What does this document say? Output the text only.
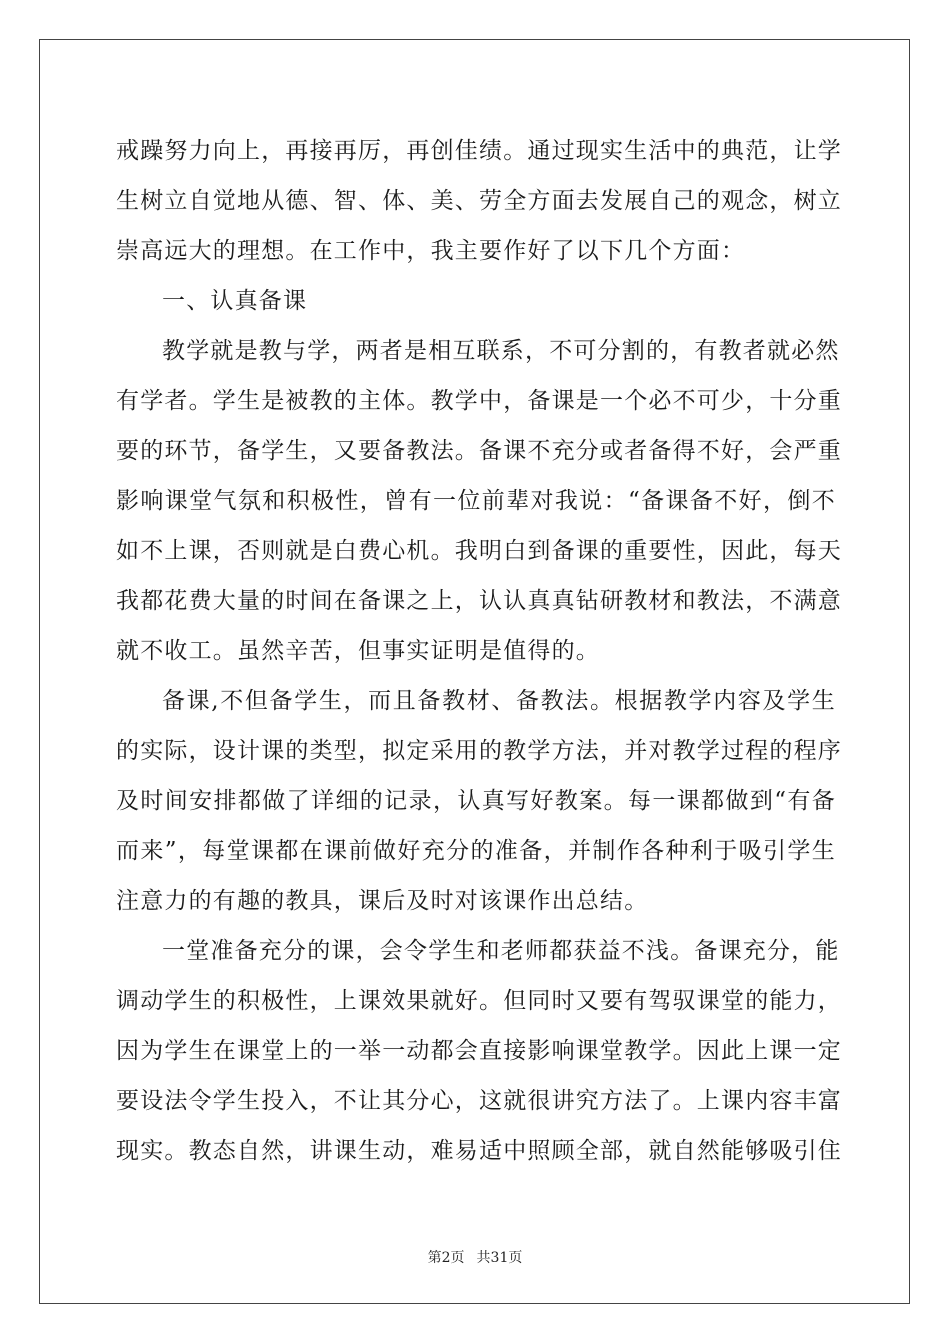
戒躁努力向上，再接再厉，再创佳绩。通过现实生活中的典范，让学
生树立自觉地从德、智、体、美、劳全方面去发展自己的观念，树立
崇高远大的理想。在工作中，我主要作好了以下几个方面：
一、认真备课
教学就是教与学，两者是相互联系，不可分割的，有教者就必然
有学者。学生是被教的主体。教学中，备课是一个必不可少，十分重
要的环节，备学生，又要备教法。备课不充分或者备得不好，会严重
影响课堂气氛和积极性，曾有一位前辈对我说：“备课备不好，倒不
如不上课，否则就是白费心机。我明白到备课的重要性，因此，每天
我都花费大量的时间在备课之上，认认真真钻研教材和教法，不满意
就不收工。虽然辛苦，但事实证明是值得的。
备课,不但备学生，而且备教材、备教法。根据教学内容及学生
的实际，设计课的类型，拟定采用的教学方法，并对教学过程的程序
及时间安排都做了详细的记录，认真写好教案。每一课都做到“有备
而来”，每堂课都在课前做好充分的准备，并制作各种利于吸引学生
注意力的有趣的教具，课后及时对该课作出总结。
一堂准备充分的课，会令学生和老师都获益不浅。备课充分，能
调动学生的积极性，上课效果就好。但同时又要有驾驭课堂的能力，
因为学生在课堂上的一举一动都会直接影响课堂教学。因此上课一定
要设法令学生投入，不让其分心，这就很讲究方法了。上课内容丰富
现实。教态自然，讲课生动，难易适中照顾全部，就自然能够吸引住
第2页 共31页
